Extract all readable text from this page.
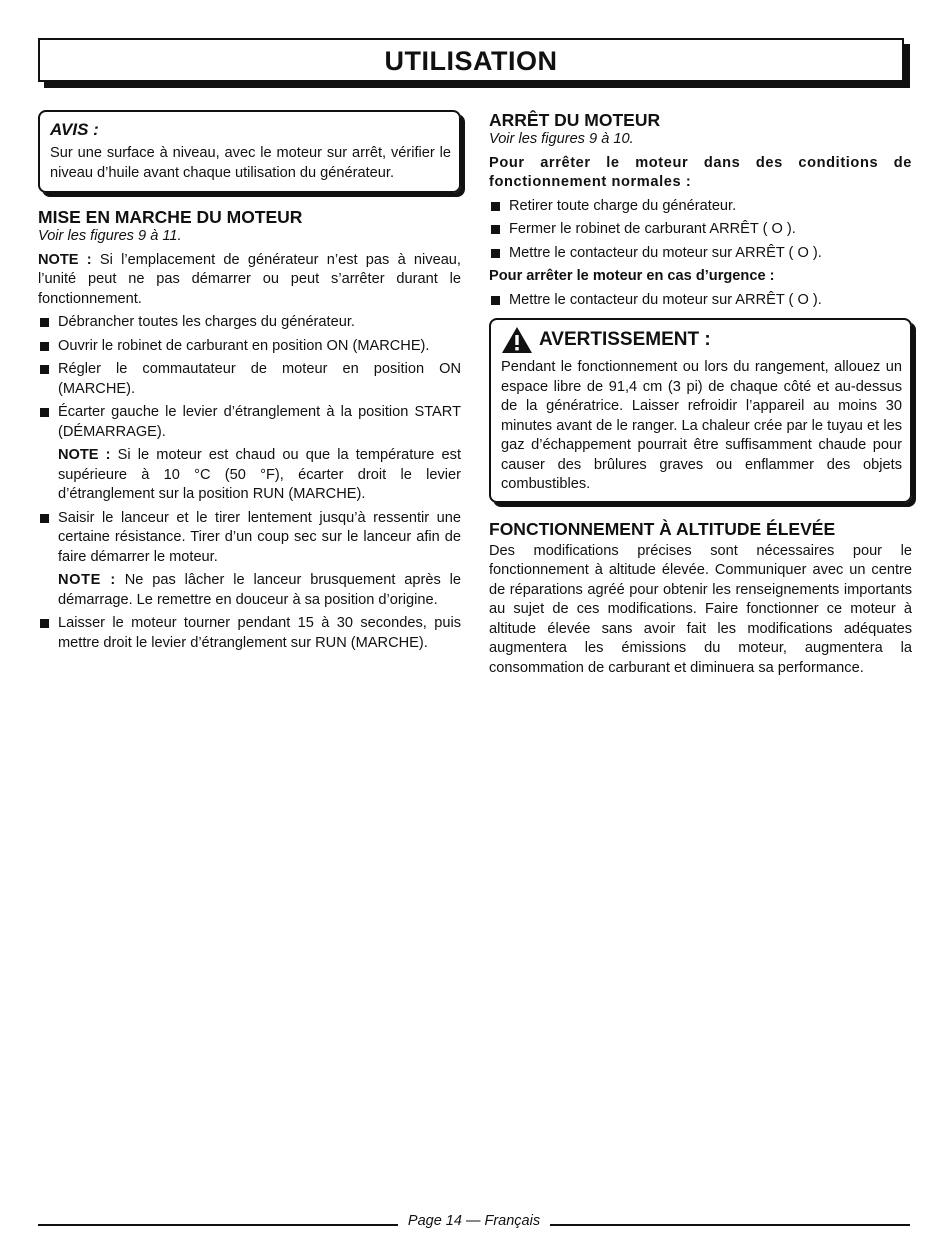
UTILISATION
AVIS :
Sur une surface à niveau, avec le moteur sur arrêt, vérifier le niveau d’huile avant chaque utilisation du générateur.
MISE EN MARCHE DU MOTEUR
Voir les figures 9 à 11.

NOTE : Si l’emplacement de générateur n’est pas à niveau, l’unité peut ne pas démarrer ou peut s’arrêter durant le fonctionnement.

Débrancher toutes les charges du générateur.
Ouvrir le robinet de carburant en position ON (MARCHE).
Régler le commautateur de moteur en position ON (MARCHE).
Écarter gauche le levier d’étranglement à la position START (DÉMARRAGE).
NOTE : Si le moteur est chaud ou que la température est supérieure à 10 °C (50 °F), écarter droit le levier d’étranglement sur la position RUN (MARCHE).
Saisir le lanceur et le tirer lentement jusqu’à ressentir une certaine résistance. Tirer d’un coup sec sur le lanceur afin de faire démarrer le moteur.
NOTE : Ne pas lâcher le lanceur brusquement après le démarrage. Le remettre en douceur à sa position d’origine.
Laisser le moteur tourner pendant 15 à 30 secondes, puis mettre droit le levier d’étranglement sur RUN (MARCHE).
ARRÊT DU MOTEUR
Voir les figures 9 à 10.

Pour arrêter le moteur dans des conditions de fonctionnement normales :

Retirer toute charge du générateur.
Fermer le robinet de carburant ARRÊT ( O ).
Mettre le contacteur du moteur sur ARRÊT ( O ).

Pour arrêter le moteur en cas d’urgence :

Mettre le contacteur du moteur sur ARRÊT ( O ).
AVERTISSEMENT :
Pendant le fonctionnement ou lors du rangement, allouez un espace libre de 91,4 cm (3 pi) de chaque côté et au-dessus de la génératrice. Laisser refroidir l’appareil au moins 30 minutes avant de le ranger. La chaleur crée par le tuyau et les gaz d’échappement pourrait être suffisamment chaude pour causer des brûlures graves ou enflammer des objets combustibles.
FONCTIONNEMENT À ALTITUDE ÉLEVÉE

Des modifications précises sont nécessaires pour le fonctionnement à altitude élevée. Communiquer avec un centre de réparations agréé pour obtenir les renseignements importants au sujet de ces modifications. Faire fonctionner ce moteur à altitude élevée sans avoir fait les modifications adéquates augmentera les émissions du moteur, augmentera la consommation de carburant et diminuera sa performance.

Page 14 — Français
